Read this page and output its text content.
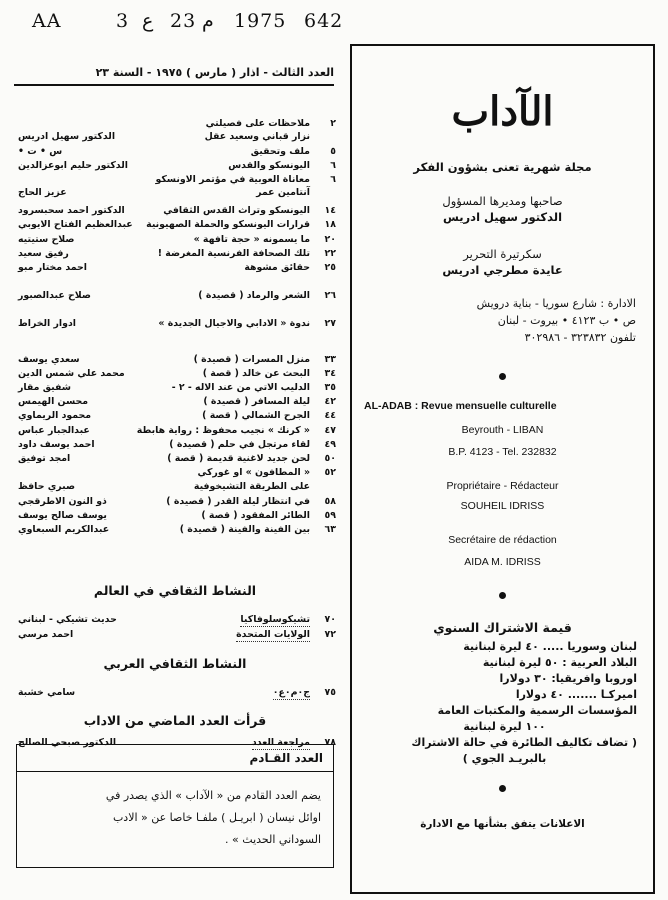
AA	3 ع 23 م 1975 642
العدد الثالث - اذار ( مارس ) ١٩٧٥ - السنة ٢٣
٢
ملاحظات على فصيلتي
نزار قباني وسعيد عقل
الدكتور سهيل ادريس
٥
ملف وتحقيق
س • ت •
٦
اليونسكو والقدس
الدكتور حليم ابوعزالدين
٦
معاناة العوبية في مؤتمر الاونسكو
آنتامين عمر
عزيز الحاج
١٤
اليونسكو وتراث القدس الثقافي
الدكتور احمد سحبسرود
١٨
قرارات اليونسكو والحملة الصهيونية
عبدالعظيم الفتاح الايوبي
٢٠
ما يسمونه « حجة تافهة »
صلاح ستيتيه
٢٢
تلك الصحافة الفرنسية المغرضة !
رفيق سعيد
٢٥
حقائق مشوهة
احمد مختار مبو
٢٦
الشعر والرماد ( قصيدة )
صلاح عبدالصبور
٢٧
ندوة « الادابي والاجيال الجديدة »
ادوار الخراط
٣٣
منزل المسرات ( قصيدة )
سعدي يوسف
٣٤
البحث عن خالد ( قصة )
محمد علي شمس الدين
٣٥
الدليب الاتي من عند الاله - ٢ -
شفيق مقار
٤٢
ليلة المسافر ( قصيدة )
محسن الهيمس
٤٤
الجرح الشمالي ( قصة )
محمود الريماوي
٤٧
« كرنك » نجيب محفوظ : رواية هابطة
عبدالجبار عباس
٤٩
لقاء مرتجل في حلم ( قصيدة )
احمد يوسف داود
٥٠
لحن جديد لاغنية قديمة ( قصة )
امجد توفيق
٥٢
« المطافون » او غوركي
على الطريقة التشيخوفية
صبري حافظ
٥٨
في انتظار ليلة القدر ( قصيدة )
ذو النون الاطرقجي
٥٩
الطائر المفقود ( قصة )
يوسف صالح يوسف
٦٣
بين الفينة والفينة ( قصيدة )
عبدالكريم السبعاوي
النشاط الثقافي في العالم
٧٠
تشيكوسلوفاكيا
حديث تشيكي - لبناني
٧٢
الولايات المتحدة
احمد مرسي
النشاط الثقافي العربي
٧٥
ج٠م٠ع٠
سامي خشبة
قرأت العدد الماضي من الاداب
٧٨
مراجعة العدد
الدكتور صبحي الصالح
العدد القـادم
يضم العدد القادم من « الآداب » الذي يصدر في
اوائل نيسان ( ابريـل ) ملفـا خاصا عن « الادب
السوداني الحديث » .
الآداب
مجلة شهرية تعنى بشؤون الفكر
صاحبها ومديرها المسؤول
الدكتور سهيل ادريس
سكرتيرة التحرير
عايدة مطرجي ادريس
الادارة : شارع سوريا - بناية درويش
ص • ب ٤١٢٣ • بيروت - لبنان
تلفون ٣٢٣٨٣٢ - ٣٠٢٩٨٦
AL-ADAB : Revue mensuelle culturelle
Beyrouth - LIBAN
B.P. 4123 - Tel. 232832
Propriétaire - Rédacteur
SOUHEIL IDRISS
Secrétaire de rédaction
AIDA M. IDRISS
قيمة الاشتراك السنوي
لبنان وسوريا ..... ٤٠ ليرة لبنانية
البلاد العربية : ٥٠ ليرة لبنانية
اوروبا وافريقيا: ٣٠ دولارا
اميركـا ....... ٤٠ دولارا
المؤسسات الرسمية والمكتبات العامة
١٠٠ ليرة لبنانية
( تضاف تكاليف الطائرة في حالة الاشتراك
بالبريـد الجوي )
الاعلانات يتفق بشأنها مع الادارة
